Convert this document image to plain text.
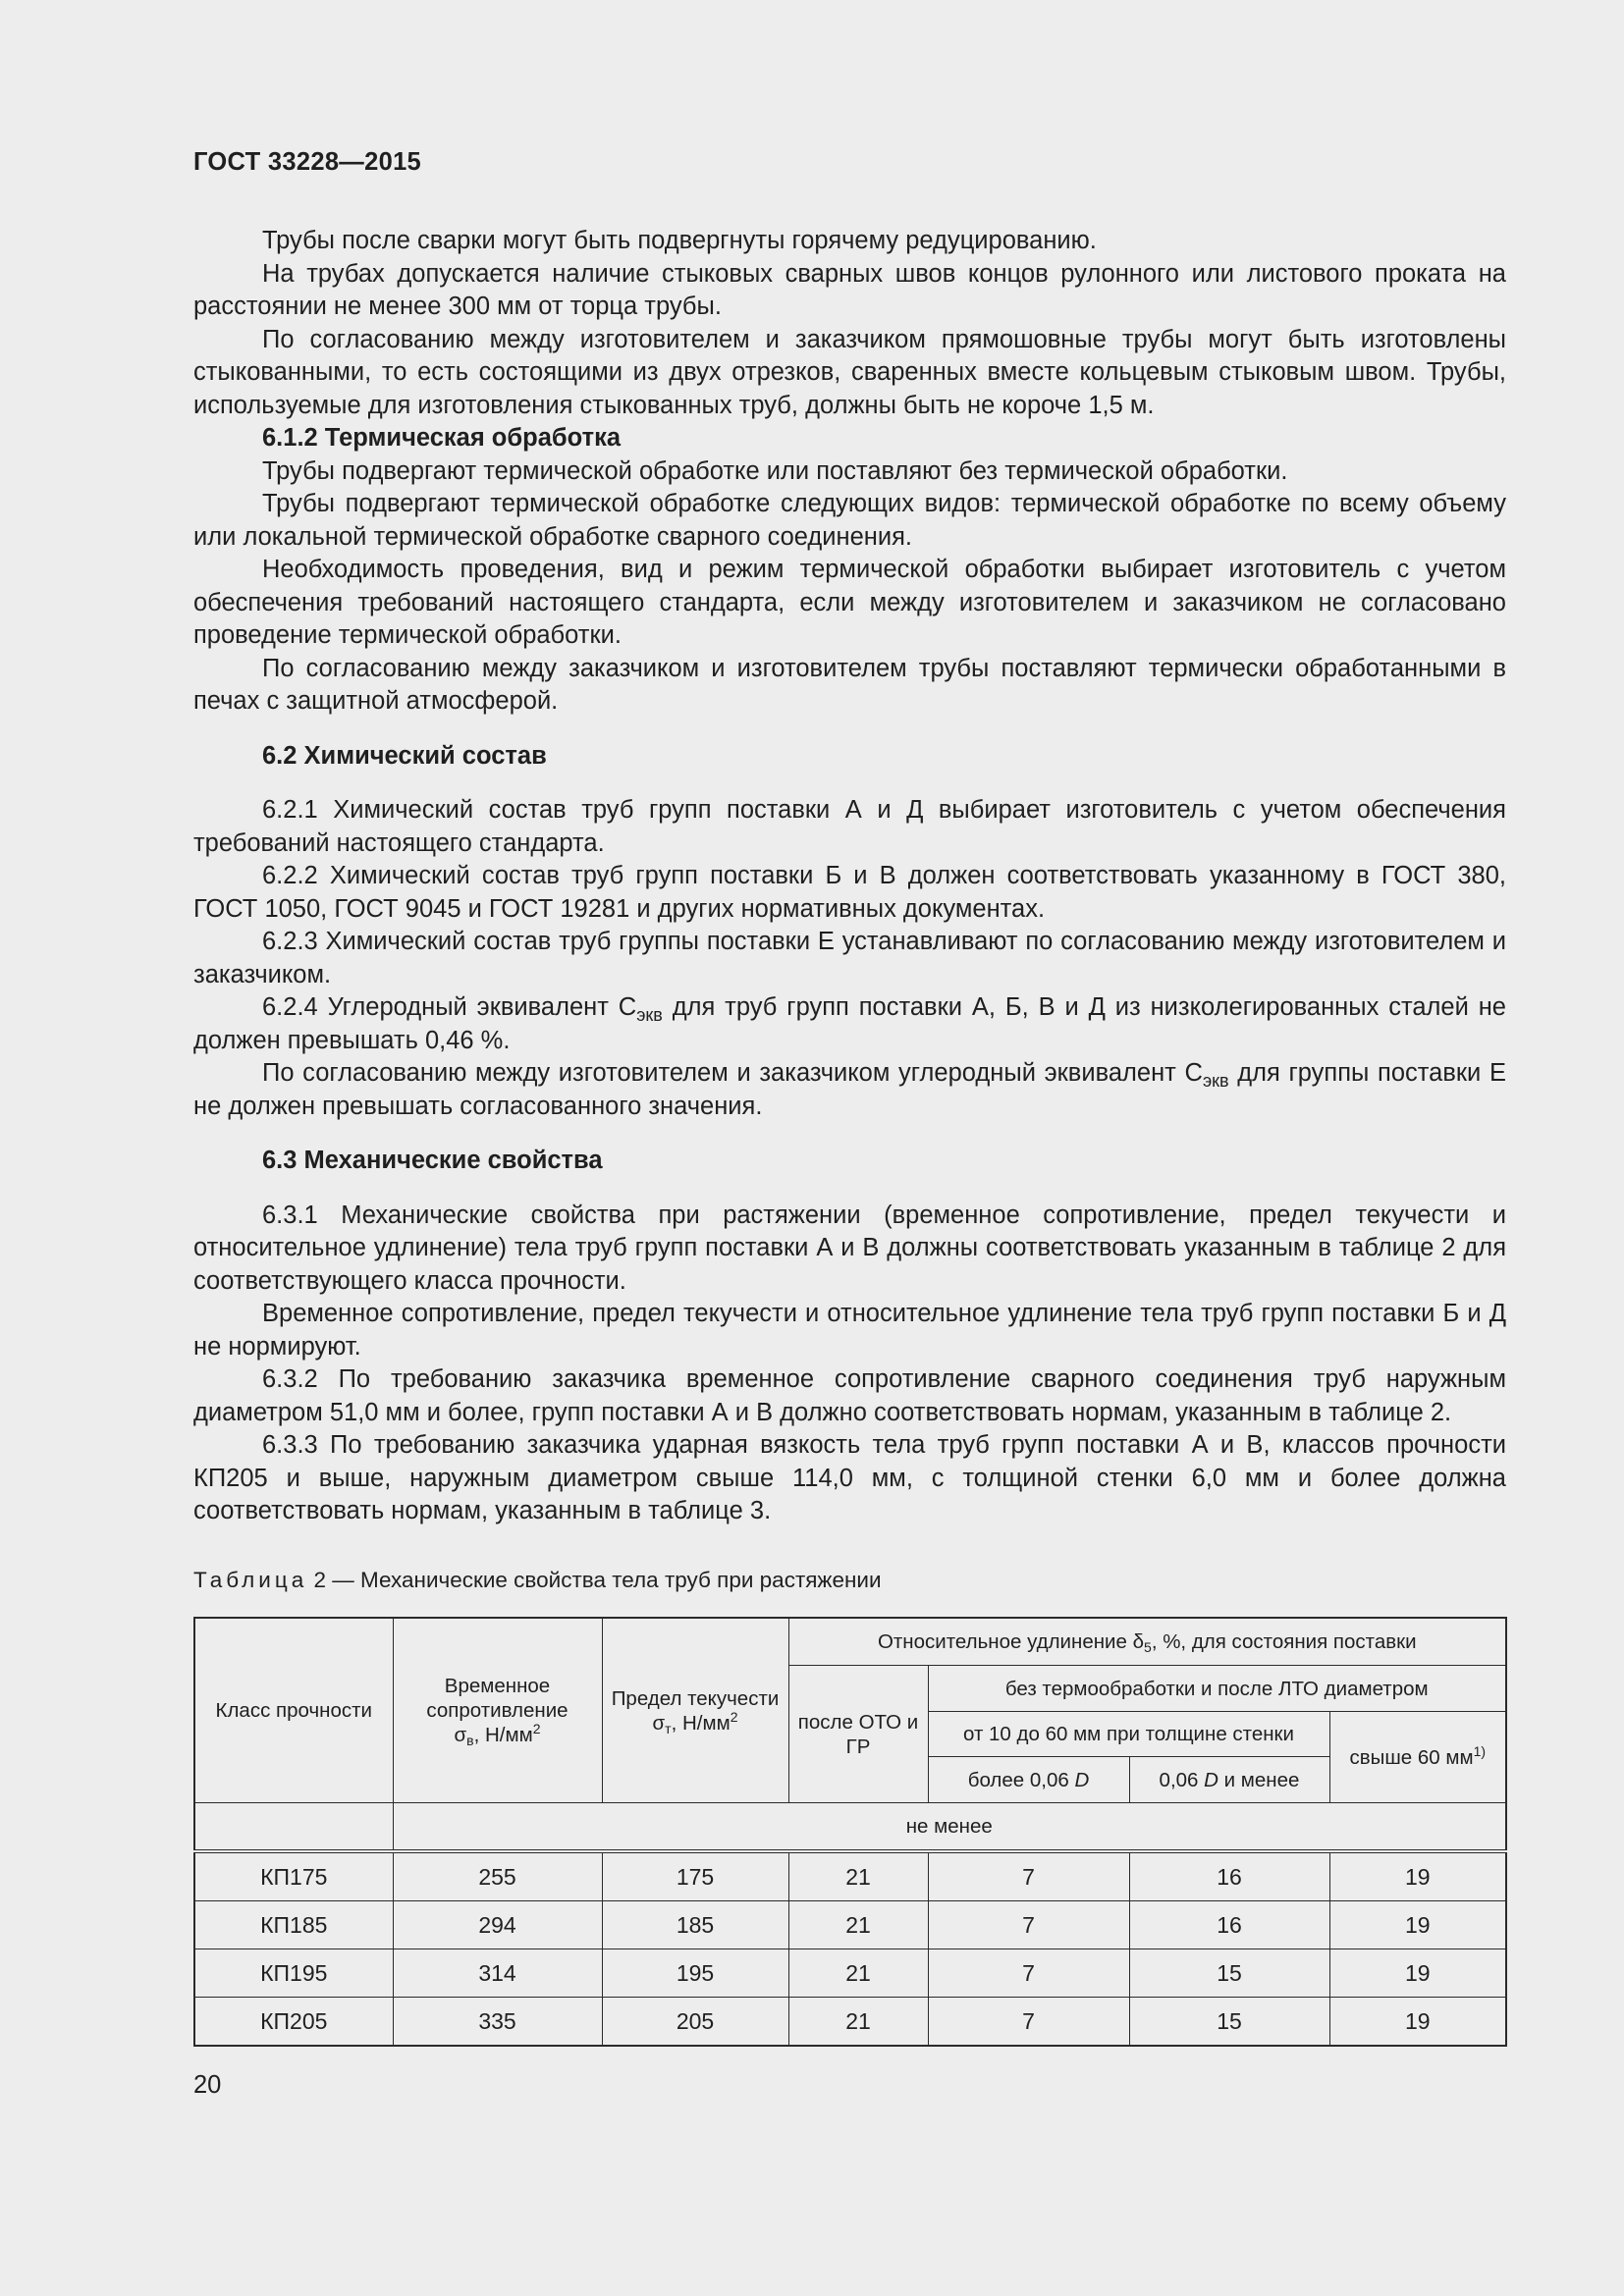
ГОСТ 33228—2015

Трубы после сварки могут быть подвергнуты горячему редуцированию.

На трубах допускается наличие стыковых сварных швов концов рулонного или листового проката на расстоянии не менее 300 мм от торца трубы.

По согласованию между изготовителем и заказчиком прямошовные трубы могут быть изготовлены стыкованными, то есть состоящими из двух отрезков, сваренных вместе кольцевым стыковым швом. Трубы, используемые для изготовления стыкованных труб, должны быть не короче 1,5 м.

6.1.2 Термическая обработка

Трубы подвергают термической обработке или поставляют без термической обработки.

Трубы подвергают термической обработке следующих видов: термической обработке по всему объему или локальной термической обработке сварного соединения.

Необходимость проведения, вид и режим термической обработки выбирает изготовитель с учетом обеспечения требований настоящего стандарта, если между изготовителем и заказчиком не согласовано проведение термической обработки.

По согласованию между заказчиком и изготовителем трубы поставляют термически обработанными в печах с защитной атмосферой.

6.2 Химический состав

6.2.1 Химический состав труб групп поставки А и Д выбирает изготовитель с учетом обеспечения требований настоящего стандарта.

6.2.2 Химический состав труб групп поставки Б и В должен соответствовать указанному в ГОСТ 380, ГОСТ 1050, ГОСТ 9045 и ГОСТ 19281 и других нормативных документах.

6.2.3 Химический состав труб группы поставки Е устанавливают по согласованию между изготовителем и заказчиком.

6.2.4 Углеродный эквивалент $С_{экв}$ для труб групп поставки А, Б, В и Д из низколегированных сталей не должен превышать 0,46 %.

По согласованию между изготовителем и заказчиком углеродный эквивалент $С_{экв}$ для группы поставки Е не должен превышать согласованного значения.

6.3 Механические свойства

6.3.1 Механические свойства при растяжении (временное сопротивление, предел текучести и относительное удлинение) тела труб групп поставки А и В должны соответствовать указанным в таблице 2 для соответствующего класса прочности.

Временное сопротивление, предел текучести и относительное удлинение тела труб групп поставки Б и Д не нормируют.

6.3.2 По требованию заказчика временное сопротивление сварного соединения труб наружным диаметром 51,0 мм и более, групп поставки А и В должно соответствовать нормам, указанным в таблице 2.

6.3.3 По требованию заказчика ударная вязкость тела труб групп поставки А и В, классов прочности КП205 и выше, наружным диаметром свыше 114,0 мм, с толщиной стенки 6,0 мм и более должна соответствовать нормам, указанным в таблице 3.

Таблица 2 — Механические свойства тела труб при растяжении
Класс прочности	Временное сопротивление
σв, $Н/мм^2$	Предел текучести σт, $Н/мм^2$	Относительное удлинение δ5, %, для состояния поставки			
			после ОТО и ГР	без термообработки и после ЛТО диаметром		
				от 10 до 60 мм при толщине стенки		свыше 60 $мм^{1)}$
				более 0,06 D	0,06 D и менее	
	не менее					
КП175	255	175	21	7	16	19
КП185	294	185	21	7	16	19
КП195	314	195	21	7	15	19
КП205	335	205	21	7	15	19
20
